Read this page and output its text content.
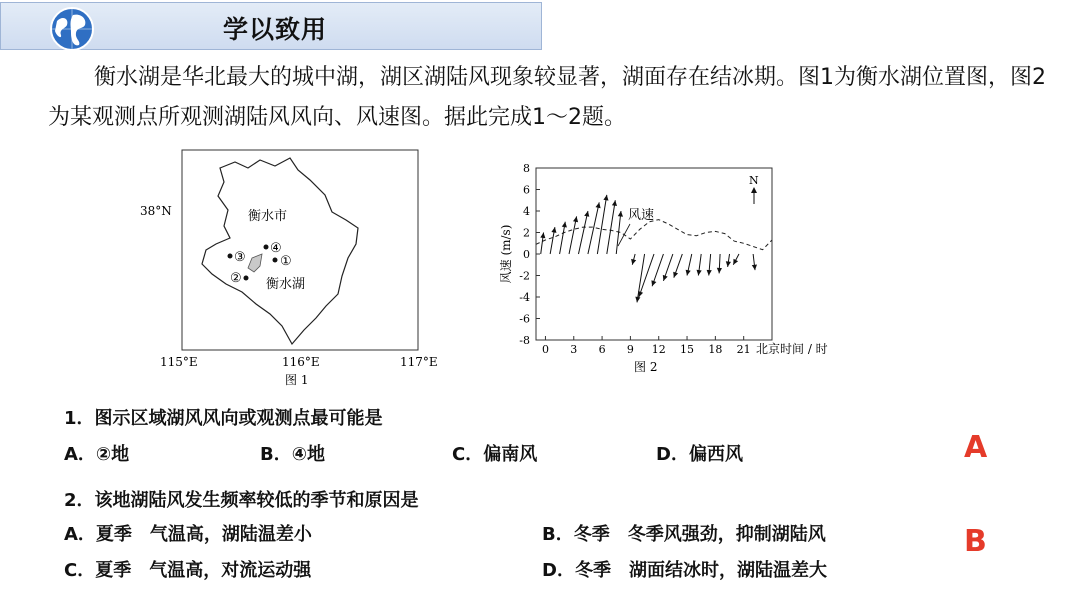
学以致用
衡水湖是华北最大的城中湖，湖区湖陆风现象较显著，湖面存在结冰期。图1为衡水湖位置图，图2为某观测点所观测湖陆风风向、风速图。据此完成1～2题。
38°N	衡水市
衡水湖
④
①
③
②
115°E	116°E	117°E
图 1
8
6
4
2
0
-2
-4
-6
-8
0 3 6 9 12 15 18 21
N
风速
风速 (m/s)
北京时间 / 时
图 2
1．图示区域湖风风向或观测点最可能是
A．②地	B．④地	C．偏南风	D．偏西风	A
2．该地湖陆风发生频率较低的季节和原因是
A．夏季　气温高，湖陆温差小	B．冬季　冬季风强劲，抑制湖陆风
C．夏季　气温高，对流运动强	D．冬季　湖面结冰时，湖陆温差大
B
